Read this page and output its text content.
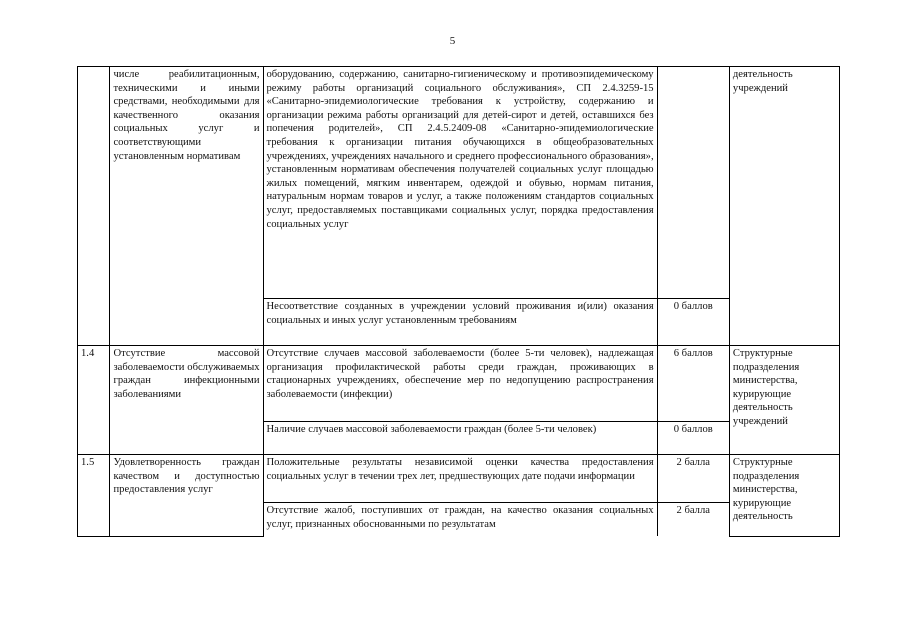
5
	числе реабилитационным, техническими и иными средствами, необходимыми для качественного оказания социальных услуг и соответствующими установленным нормативам	оборудованию, содержанию, санитарно-гигиеническому и противоэпидемическому режиму работы организаций социального обслуживания», СП 2.4.3259-15 «Санитарно-эпидемиологические требования к устройству, содержанию и организации режима работы организаций для детей-сирот и детей, оставшихся без попечения родителей», СП 2.4.5.2409-08 «Санитарно-эпидемиологические требования к организации питания обучающихся в общеобразовательных учреждениях, учреждениях начального и среднего профессионального образования», установленным нормативам обеспечения получателей социальных услуг площадью жилых помещений, мягким инвентарем, одеждой и обувью, нормам питания, натуральным нормам товаров и услуг, а также положениям стандартов социальных услуг, предоставляемых поставщиками социальных услуг, порядка предоставления социальных услуг		деятельность учреждений
		Несоответствие созданных в учреждении условий проживания и(или) оказания социальных и иных услуг установленным требованиям	0 баллов	
1.4	Отсутствие массовой заболеваемости обслуживаемых граждан инфекционными заболеваниями	Отсутствие случаев массовой заболеваемости (более 5-ти человек), надлежащая организация профилактической работы среди граждан, проживающих в стационарных учреждениях, обеспечение мер по недопущению распространения заболеваемости (инфекции)	6 баллов	Структурные подразделения министерства, курирующие деятельность учреждений
		Наличие случаев массовой заболеваемости граждан (более 5-ти человек)	0 баллов	
1.5	Удовлетворенность граждан качеством и доступностью предоставления услуг	Положительные результаты независимой оценки качества предоставления социальных услуг в течении трех лет, предшествующих дате подачи информации	2 балла	Структурные подразделения министерства, курирующие деятельность
		Отсутствие жалоб, поступивших от граждан, на качество оказания социальных услуг, признанных обоснованными по результатам	2 балла	
